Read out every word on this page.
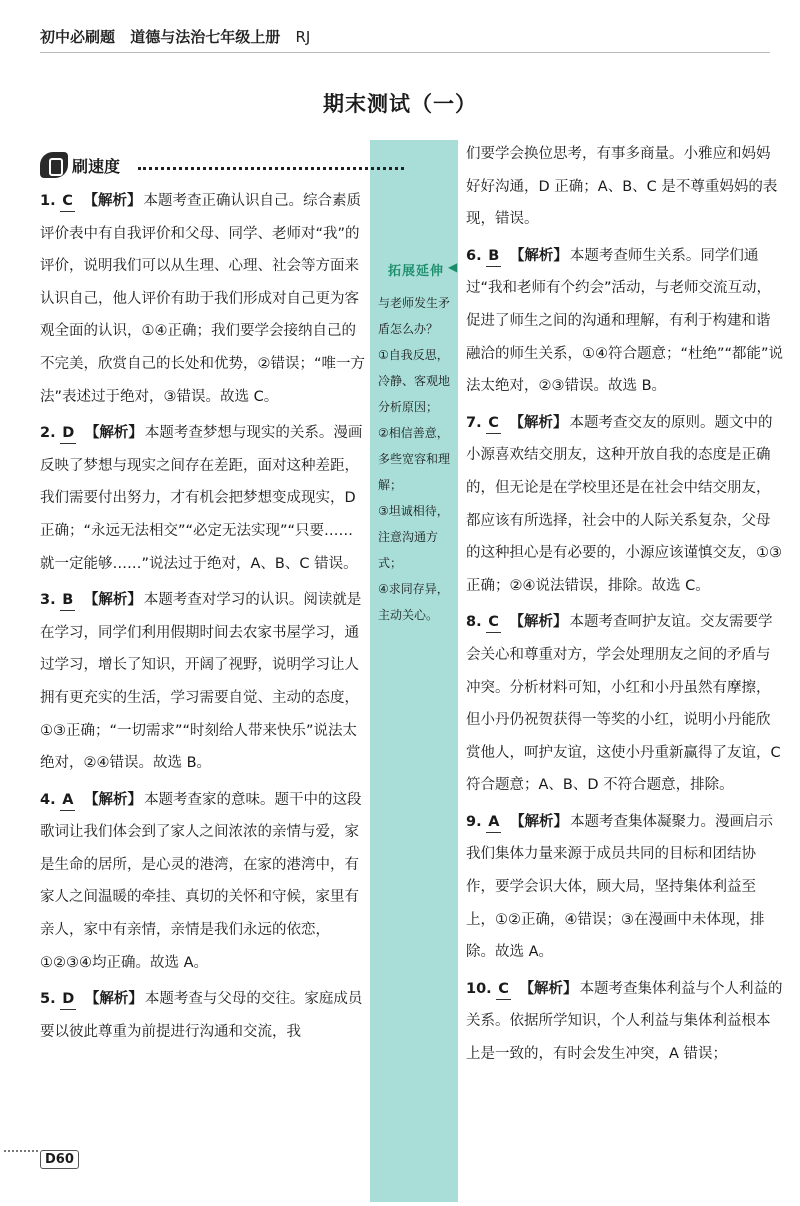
初中必刷题 道德与法治七年级上册 RJ
期末测试（一）
拓展延伸 ◀

与老师发生矛盾怎么办？

①自我反思，冷静、客观地分析原因；

②相信善意，多些宽容和理解；

③坦诚相待，注意沟通方式；

④求同存异，主动关心。

刷速度
1. C 【解析】 本题考查正确认识自己。综合素质评价表中有自我评价和父母、同学、老师对“我”的评价，说明我们可以从生理、心理、社会等方面来认识自己，他人评价有助于我们形成对自己更为客观全面的认识，①④正确；我们要学会接纳自己的不完美，欣赏自己的长处和优势，②错误；“唯一方法”表述过于绝对，③错误。故选 C。
2. D 【解析】 本题考查梦想与现实的关系。漫画反映了梦想与现实之间存在差距，面对这种差距，我们需要付出努力，才有机会把梦想变成现实，D 正确；“永远无法相交”“必定无法实现”“只要……就一定能够……”说法过于绝对，A、B、C 错误。
3. B 【解析】 本题考查对学习的认识。阅读就是在学习，同学们利用假期时间去农家书屋学习，通过学习，增长了知识，开阔了视野，说明学习让人拥有更充实的生活，学习需要自觉、主动的态度，①③正确；“一切需求”“时刻给人带来快乐”说法太绝对，②④错误。故选 B。
4. A 【解析】 本题考查家的意味。题干中的这段歌词让我们体会到了家人之间浓浓的亲情与爱，家是生命的居所，是心灵的港湾，在家的港湾中，有家人之间温暖的牵挂、真切的关怀和守候，家里有亲人，家中有亲情，亲情是我们永远的依恋，①②③④均正确。故选 A。
5. D 【解析】 本题考查与父母的交往。家庭成员要以彼此尊重为前提进行沟通和交流，我
们要学会换位思考，有事多商量。小雅应和妈妈好好沟通，D 正确；A、B、C 是不尊重妈妈的表现，错误。
6. B 【解析】 本题考查师生关系。同学们通过“我和老师有个约会”活动，与老师交流互动，促进了师生之间的沟通和理解，有利于构建和谐融洽的师生关系，①④符合题意；“杜绝”“都能”说法太绝对，②③错误。故选 B。
7. C 【解析】 本题考查交友的原则。题文中的小源喜欢结交朋友，这种开放自我的态度是正确的，但无论是在学校里还是在社会中结交朋友，都应该有所选择，社会中的人际关系复杂，父母的这种担心是有必要的，小源应该谨慎交友，①③正确；②④说法错误，排除。故选 C。
8. C 【解析】 本题考查呵护友谊。交友需要学会关心和尊重对方，学会处理朋友之间的矛盾与冲突。分析材料可知，小红和小丹虽然有摩擦，但小丹仍祝贺获得一等奖的小红，说明小丹能欣赏他人，呵护友谊，这使小丹重新赢得了友谊，C 符合题意；A、B、D 不符合题意，排除。
9. A 【解析】 本题考查集体凝聚力。漫画启示我们集体力量来源于成员共同的目标和团结协作，要学会识大体，顾大局，坚持集体利益至上，①②正确，④错误；③在漫画中未体现，排除。故选 A。
10. C 【解析】 本题考查集体利益与个人利益的关系。依据所学知识，个人利益与集体利益根本上是一致的，有时会发生冲突，A 错误；
D60
